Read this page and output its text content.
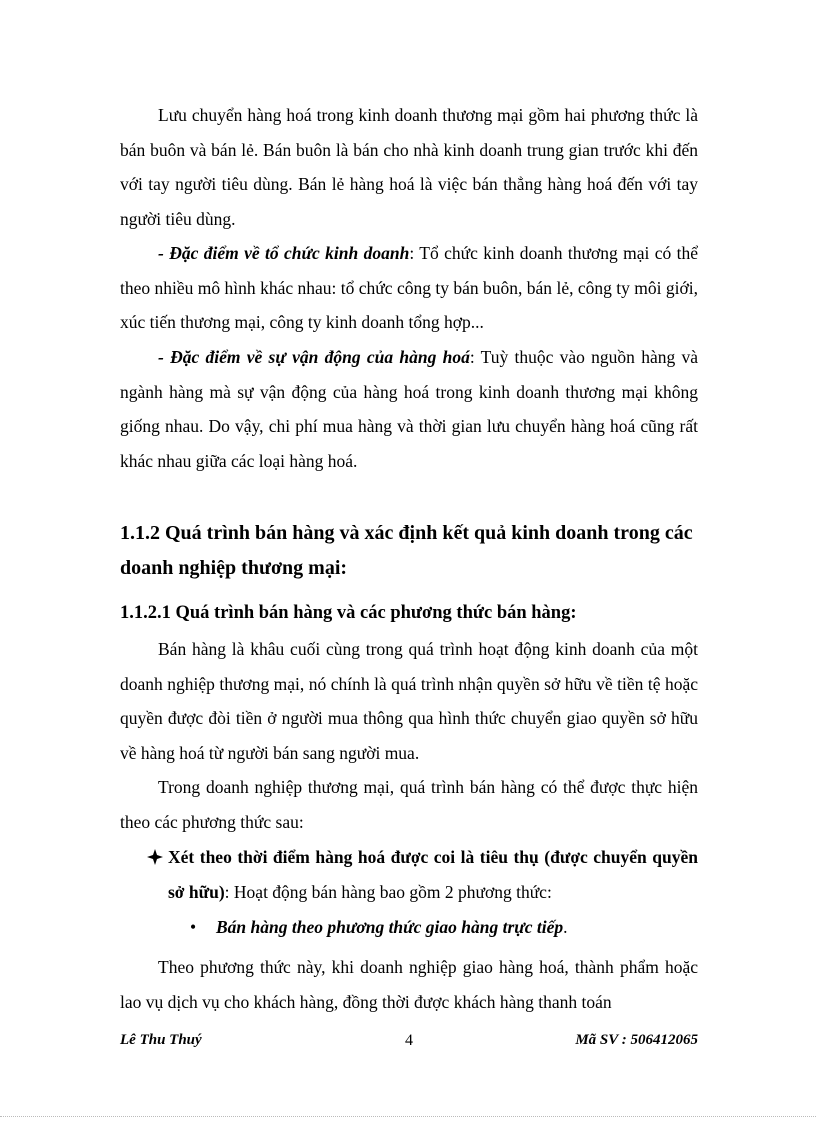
Lưu chuyển hàng hoá trong kinh doanh thương mại gồm hai phương thức là bán buôn và bán lẻ. Bán buôn là bán cho nhà kinh doanh trung gian trước khi đến với tay người tiêu dùng. Bán lẻ hàng hoá là việc bán thẳng hàng hoá đến với tay người tiêu dùng.

- Đặc điểm về tổ chức kinh doanh: Tổ chức kinh doanh thương mại có thể theo nhiều mô hình khác nhau: tổ chức công ty bán buôn, bán lẻ, công ty môi giới, xúc tiến thương mại, công ty kinh doanh tổng hợp...

- Đặc điểm về sự vận động của hàng hoá: Tuỳ thuộc vào nguồn hàng và ngành hàng mà sự vận động của hàng hoá trong kinh doanh thương mại không giống nhau. Do vậy, chi phí mua hàng và thời gian lưu chuyển hàng hoá cũng rất khác nhau giữa các loại hàng hoá.

1.1.2 Quá trình bán hàng và xác định kết quả kinh doanh trong các doanh nghiệp thương mại:
1.1.2.1 Quá trình bán hàng và các phương thức bán hàng:

Bán hàng là khâu cuối cùng trong quá trình hoạt động kinh doanh của một doanh nghiệp thương mại, nó chính là quá trình nhận quyền sở hữu về tiền tệ hoặc quyền được đòi tiền ở người mua thông qua hình thức chuyển giao quyền sở hữu về hàng hoá từ người bán sang người mua.

Trong doanh nghiệp thương mại, quá trình bán hàng có thể được thực hiện theo các phương thức sau:

Xét theo thời điểm hàng hoá được coi là tiêu thụ (được chuyển quyền sở hữu): Hoạt động bán hàng bao gồm 2 phương thức:
•	Bán hàng theo phương thức giao hàng trực tiếp.

Theo phương thức này, khi doanh nghiệp giao hàng hoá, thành phẩm hoặc lao vụ dịch vụ cho khách hàng, đồng thời được khách hàng thanh toán

Lê Thu Thuý	4	Mã SV : 506412065
